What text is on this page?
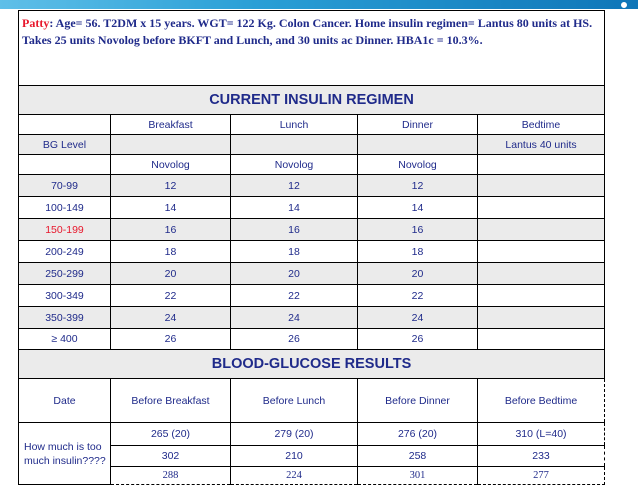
Patty: Age= 56. T2DM x 15 years. WGT= 122 Kg. Colon Cancer. Home insulin regimen= Lantus 80 units at HS. Takes 25 units Novolog before BKFT and Lunch, and 30 units ac Dinner. HBA1c = 10.3%.				
CURRENT INSULIN REGIMEN				
	Breakfast	Lunch	Dinner	Bedtime
BG Level				Lantus 40 units
	Novolog	Novolog	Novolog	
70-99	12	12	12	
100-149	14	14	14	
150-199	16	16	16	
200-249	18	18	18	
250-299	20	20	20	
300-349	22	22	22	
350-399	24	24	24	
≥ 400	26	26	26	
BLOOD-GLUCOSE RESULTS				
Date	Before Breakfast	Before Lunch	Before Dinner	Before Bedtime
How much is too much insulin????	265 (20)	279 (20)	276 (20)	310 (L=40)
	302	210	258	233
	288	224	301	277
